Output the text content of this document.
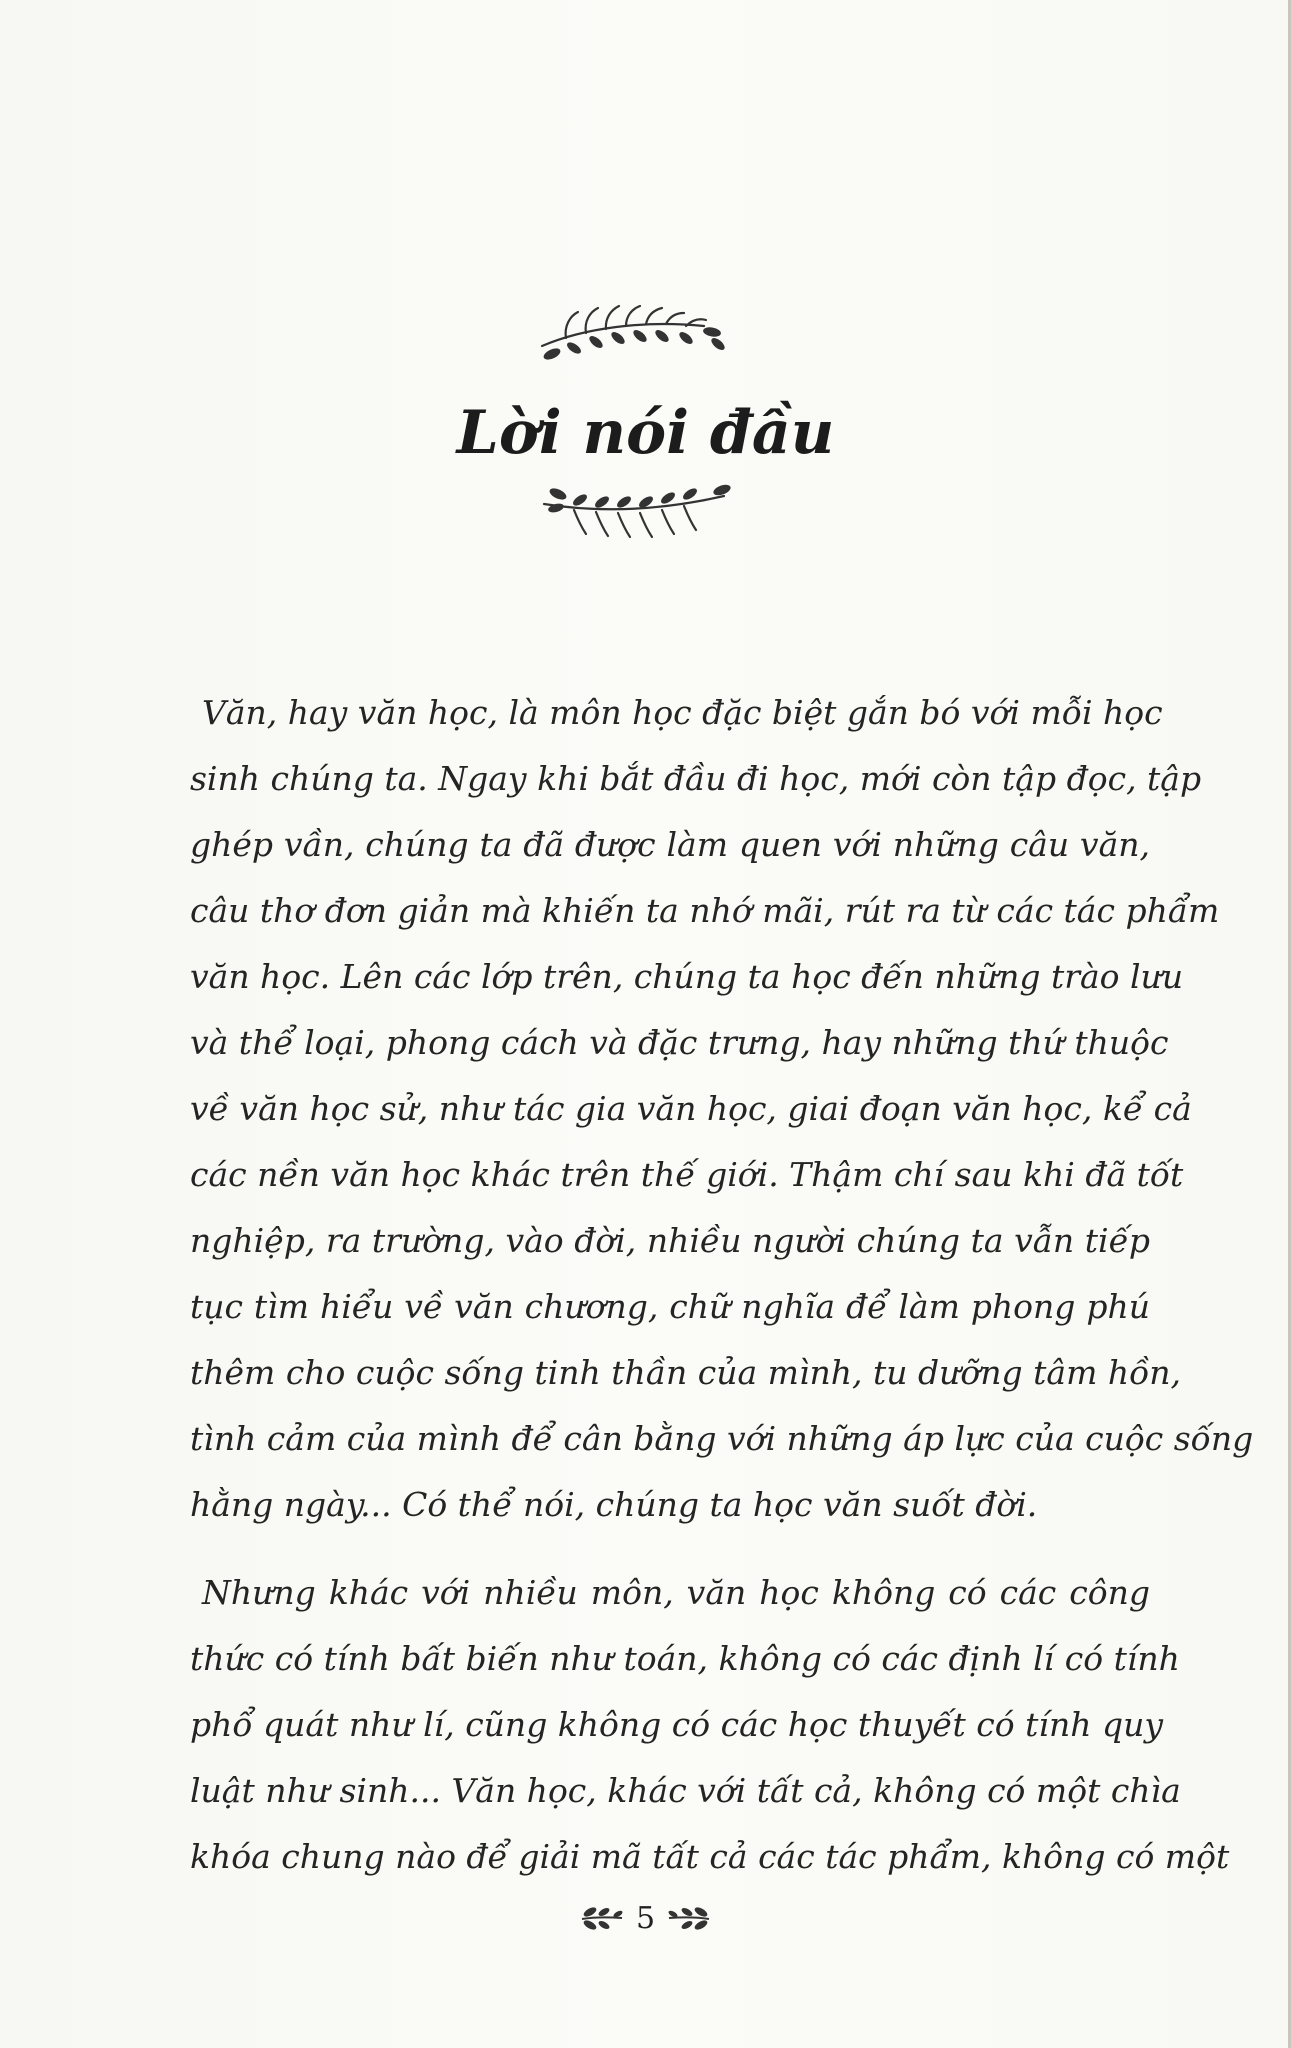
Lời nói đầu
Văn, hay văn học, là môn học đặc biệt gắn bó với mỗi học
sinh chúng ta. Ngay khi bắt đầu đi học, mới còn tập đọc, tập
ghép vần, chúng ta đã được làm quen với những câu văn,
câu thơ đơn giản mà khiến ta nhớ mãi, rút ra từ các tác phẩm
văn học. Lên các lớp trên, chúng ta học đến những trào lưu
và thể loại, phong cách và đặc trưng, hay những thứ thuộc
về văn học sử, như tác gia văn học, giai đoạn văn học, kể cả
các nền văn học khác trên thế giới. Thậm chí sau khi đã tốt
nghiệp, ra trường, vào đời, nhiều người chúng ta vẫn tiếp
tục tìm hiểu về văn chương, chữ nghĩa để làm phong phú
thêm cho cuộc sống tinh thần của mình, tu dưỡng tâm hồn,
tình cảm của mình để cân bằng với những áp lực của cuộc sống
hằng ngày... Có thể nói, chúng ta học văn suốt đời.
Nhưng khác với nhiều môn, văn học không có các công
thức có tính bất biến như toán, không có các định lí có tính
phổ quát như lí, cũng không có các học thuyết có tính quy
luật như sinh... Văn học, khác với tất cả, không có một chìa
khóa chung nào để giải mã tất cả các tác phẩm, không có một
5
